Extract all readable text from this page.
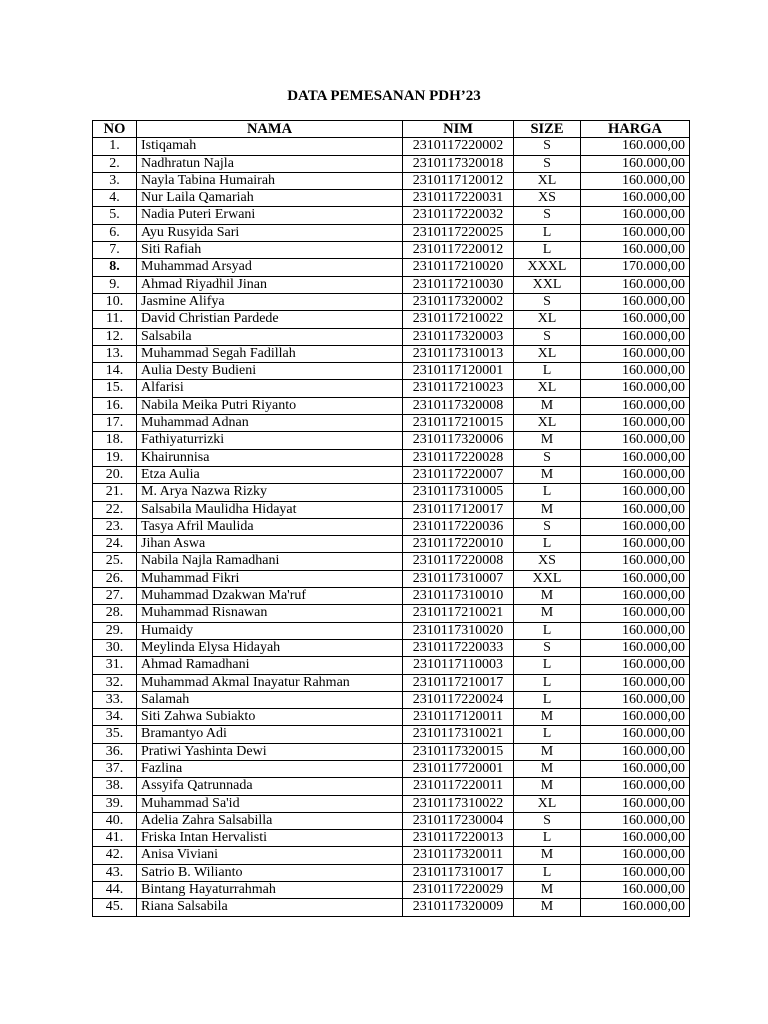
DATA PEMESANAN PDH’23
NO	NAMA	NIM	SIZE	HARGA
1.	Istiqamah	2310117220002	S	160.000,00
2.	Nadhratun Najla	2310117320018	S	160.000,00
3.	Nayla Tabina Humairah	2310117120012	XL	160.000,00
4.	Nur Laila Qamariah	2310117220031	XS	160.000,00
5.	Nadia Puteri Erwani	2310117220032	S	160.000,00
6.	Ayu Rusyida Sari	2310117220025	L	160.000,00
7.	Siti Rafiah	2310117220012	L	160.000,00
8.	Muhammad Arsyad	2310117210020	XXXL	170.000,00
9.	Ahmad Riyadhil Jinan	2310117210030	XXL	160.000,00
10.	Jasmine Alifya	2310117320002	S	160.000,00
11.	David Christian Pardede	2310117210022	XL	160.000,00
12.	Salsabila	2310117320003	S	160.000,00
13.	Muhammad Segah Fadillah	2310117310013	XL	160.000,00
14.	Aulia Desty Budieni	2310117120001	L	160.000,00
15.	Alfarisi	2310117210023	XL	160.000,00
16.	Nabila Meika Putri Riyanto	2310117320008	M	160.000,00
17.	Muhammad Adnan	2310117210015	XL	160.000,00
18.	Fathiyaturrizki	2310117320006	M	160.000,00
19.	Khairunnisa	2310117220028	S	160.000,00
20.	Etza Aulia	2310117220007	M	160.000,00
21.	M. Arya Nazwa Rizky	2310117310005	L	160.000,00
22.	Salsabila Maulidha Hidayat	2310117120017	M	160.000,00
23.	Tasya Afril Maulida	2310117220036	S	160.000,00
24.	Jihan Aswa	2310117220010	L	160.000,00
25.	Nabila Najla Ramadhani	2310117220008	XS	160.000,00
26.	Muhammad Fikri	2310117310007	XXL	160.000,00
27.	Muhammad Dzakwan Ma'ruf	2310117310010	M	160.000,00
28.	Muhammad Risnawan	2310117210021	M	160.000,00
29.	Humaidy	2310117310020	L	160.000,00
30.	Meylinda Elysa Hidayah	2310117220033	S	160.000,00
31.	Ahmad Ramadhani	2310117110003	L	160.000,00
32.	Muhammad Akmal Inayatur Rahman	2310117210017	L	160.000,00
33.	Salamah	2310117220024	L	160.000,00
34.	Siti Zahwa Subiakto	2310117120011	M	160.000,00
35.	Bramantyo Adi	2310117310021	L	160.000,00
36.	Pratiwi Yashinta Dewi	2310117320015	M	160.000,00
37.	Fazlina	2310117720001	M	160.000,00
38.	Assyifa Qatrunnada	2310117220011	M	160.000,00
39.	Muhammad Sa'id	2310117310022	XL	160.000,00
40.	Adelia Zahra Salsabilla	2310117230004	S	160.000,00
41.	Friska Intan Hervalisti	2310117220013	L	160.000,00
42.	Anisa Viviani	2310117320011	M	160.000,00
43.	Satrio B. Wilianto	2310117310017	L	160.000,00
44.	Bintang Hayaturrahmah	2310117220029	M	160.000,00
45.	Riana Salsabila	2310117320009	M	160.000,00
